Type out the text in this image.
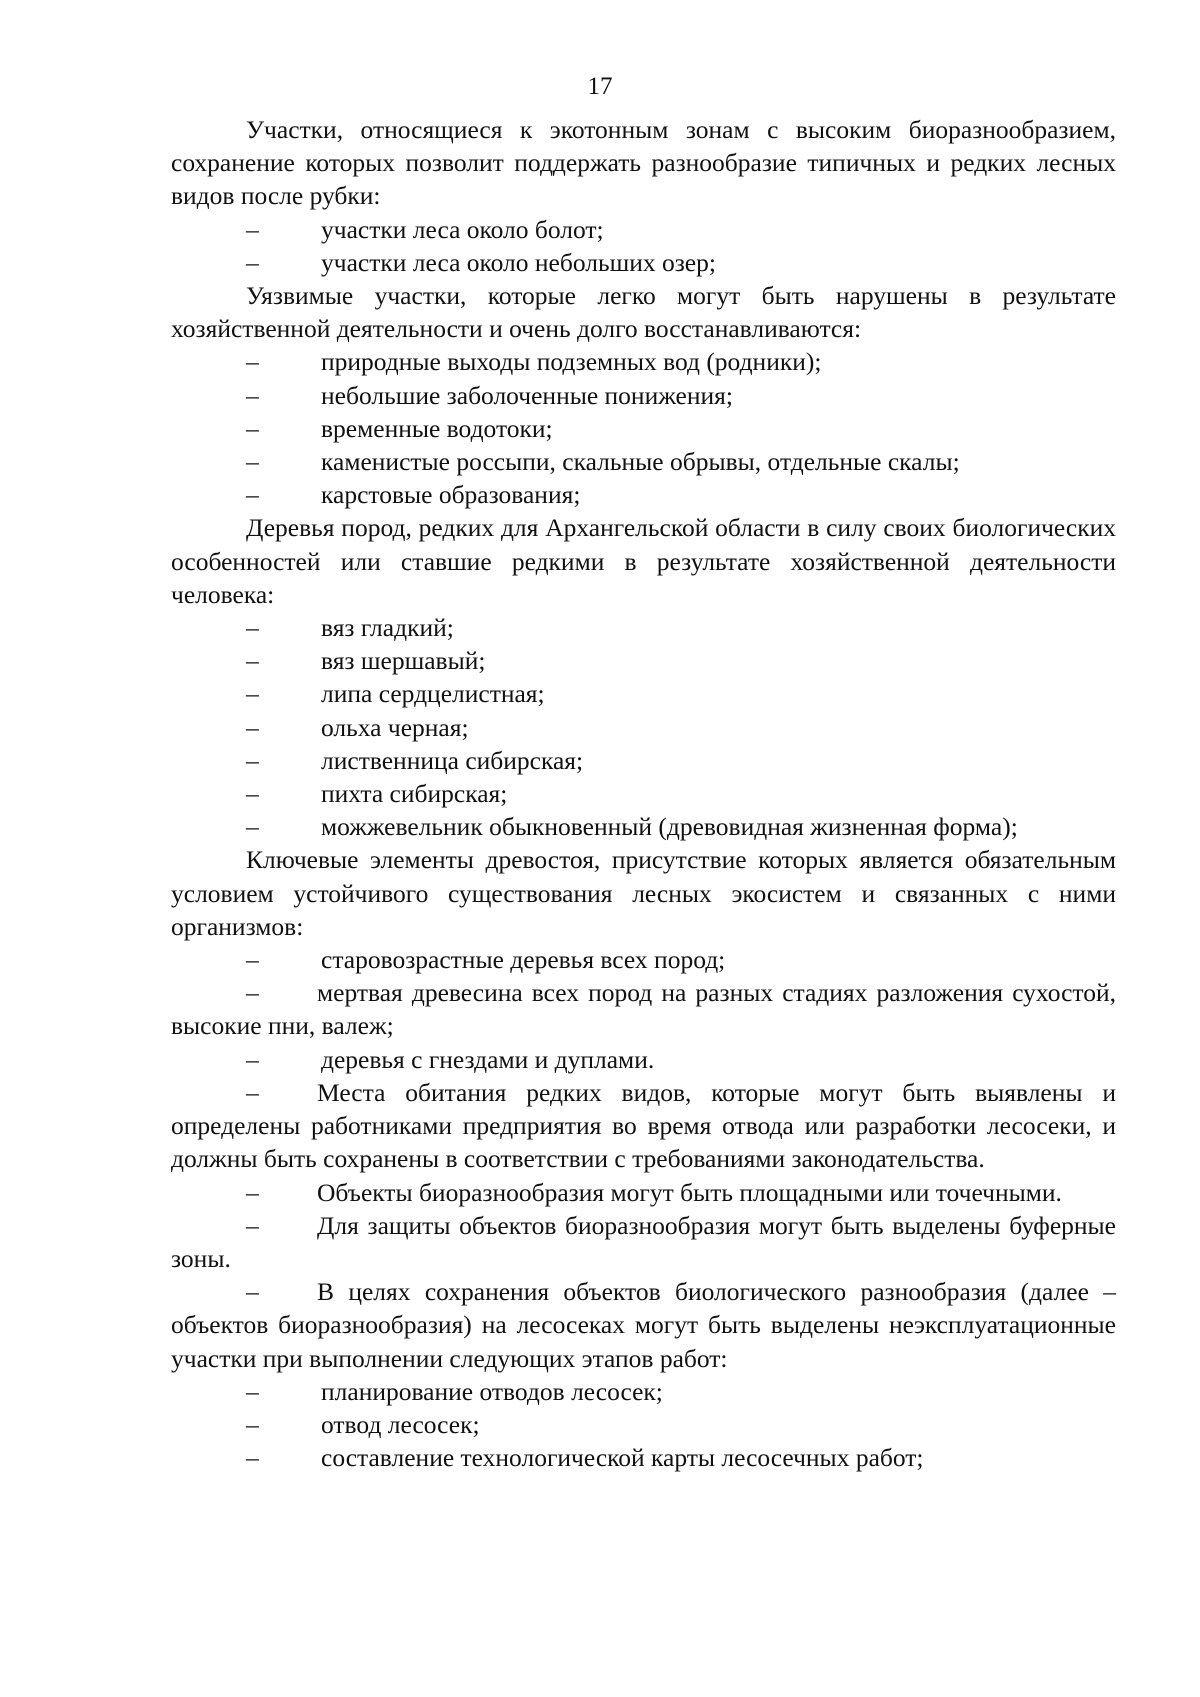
17

Участки, относящиеся к экотонным зонам с высоким биоразнообразием, сохранение которых позволит поддержать разнообразие типичных и редких лесных видов после рубки:

–	участки леса около болот;
–	участки леса около небольших озер;

Уязвимые участки, которые легко могут быть нарушены в результате хозяйственной деятельности и очень долго восстанавливаются:

–	природные выходы подземных вод (родники);
–	небольшие заболоченные понижения;
–	временные водотоки;
–	каменистые россыпи, скальные обрывы, отдельные скалы;
–	карстовые образования;

Деревья пород, редких для Архангельской области в силу своих биологических особенностей или ставшие редкими в результате хозяйственной деятельности человека:

–	вяз гладкий;
–	вяз шершавый;
–	липа сердцелистная;
–	ольха черная;
–	лиственница сибирская;
–	пихта сибирская;
–	можжевельник обыкновенный (древовидная жизненная форма);

Ключевые элементы древостоя, присутствие которых является обязательным условием устойчивого существования лесных экосистем и связанных с ними организмов:

–	старовозрастные деревья всех пород;

– мертвая древесина всех пород на разных стадиях разложения сухостой, высокие пни, валеж;

–	деревья с гнездами и дуплами.

– Места обитания редких видов, которые могут быть выявлены и определены работниками предприятия во время отвода или разработки лесосеки, и должны быть сохранены в соответствии с требованиями законодательства.

– Объекты биоразнообразия могут быть площадными или точечными.

– Для защиты объектов биоразнообразия могут быть выделены буферные зоны.

– В целях сохранения объектов биологического разнообразия (далее – объектов биоразнообразия) на лесосеках могут быть выделены неэксплуатационные участки при выполнении следующих этапов работ:

–	планирование отводов лесосек;
–	отвод лесосек;
–	составление технологической карты лесосечных работ;
